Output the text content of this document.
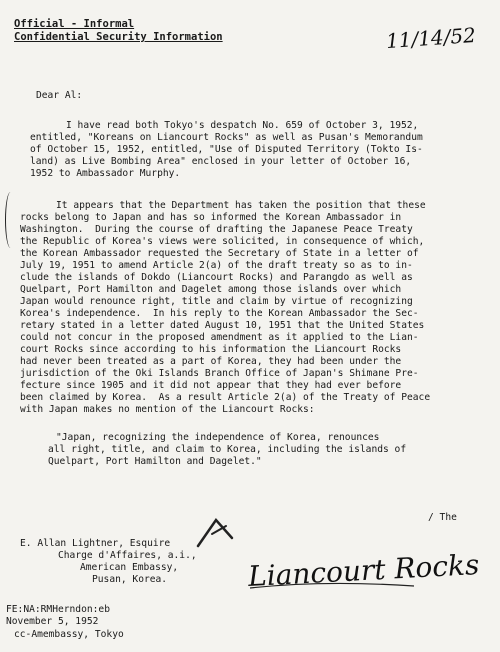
Official - Informal
Confidential Security Information	11/14/52
Dear Al:
I have read both Tokyo's despatch No. 659 of October 3, 1952,
entitled, "Koreans on Liancourt Rocks" as well as Pusan's Memorandum
of October 15, 1952, entitled, "Use of Disputed Territory (Tokto Is-
land) as Live Bombing Area" enclosed in your letter of October 16,
1952 to Ambassador Murphy.
It appears that the Department has taken the position that these
rocks belong to Japan and has so informed the Korean Ambassador in
Washington.  During the course of drafting the Japanese Peace Treaty
the Republic of Korea's views were solicited, in consequence of which,
the Korean Ambassador requested the Secretary of State in a letter of
July 19, 1951 to amend Article 2(a) of the draft treaty so as to in-
clude the islands of Dokdo (Liancourt Rocks) and Parangdo as well as
Quelpart, Port Hamilton and Dagelet among those islands over which
Japan would renounce right, title and claim by virtue of recognizing
Korea's independence.  In his reply to the Korean Ambassador the Sec-
retary stated in a letter dated August 10, 1951 that the United States
could not concur in the proposed amendment as it applied to the Lian-
court Rocks since according to his information the Liancourt Rocks
had never been treated as a part of Korea, they had been under the
jurisdiction of the Oki Islands Branch Office of Japan's Shimane Pre-
fecture since 1905 and it did not appear that they had ever before
been claimed by Korea.  As a result Article 2(a) of the Treaty of Peace
with Japan makes no mention of the Liancourt Rocks:
"Japan, recognizing the independence of Korea, renounces
all right, title, and claim to Korea, including the islands of
Quelpart, Port Hamilton and Dagelet."
/ The
E. Allan Lightner, Esquire
Charge d'Affaires, a.i.,
American Embassy,
Pusan, Korea.	Liancourt Rocks
FE:NA:RMHerndon:eb
November 5, 1952
cc-Amembassy, Tokyo
